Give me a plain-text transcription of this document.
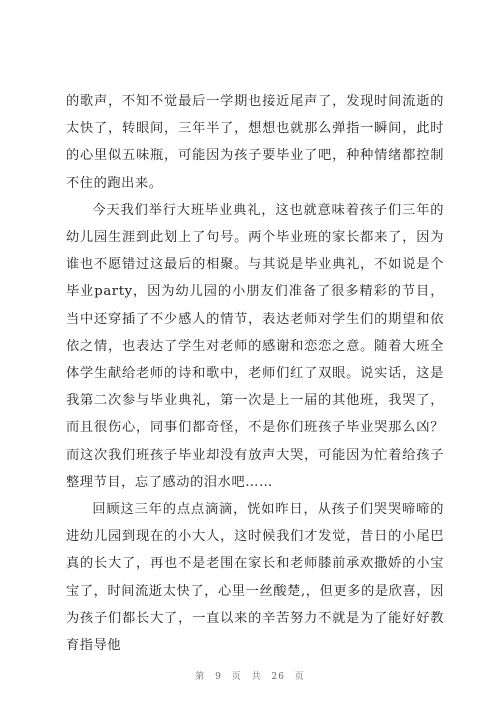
的歌声，不知不觉最后一学期也接近尾声了，发现时间流逝的太快了，转眼间，三年半了，想想也就那么弹指一瞬间，此时的心里似五味瓶，可能因为孩子要毕业了吧，种种情绪都控制不住的跑出来。

今天我们举行大班毕业典礼，这也就意味着孩子们三年的幼儿园生涯到此划上了句号。两个毕业班的家长都来了，因为谁也不愿错过这最后的相聚。与其说是毕业典礼，不如说是个毕业party，因为幼儿园的小朋友们准备了很多精彩的节目，当中还穿插了不少感人的情节，表达老师对学生们的期望和依依之情，也表达了学生对老师的感谢和恋恋之意。随着大班全体学生献给老师的诗和歌中，老师们红了双眼。说实话，这是我第二次参与毕业典礼，第一次是上一届的其他班，我哭了，而且很伤心，同事们都奇怪，不是你们班孩子毕业哭那么凶？而这次我们班孩子毕业却没有放声大哭，可能因为忙着给孩子整理节目，忘了感动的泪水吧……

回顾这三年的点点滴滴，恍如昨日，从孩子们哭哭啼啼的进幼儿园到现在的小大人，这时候我们才发觉，昔日的小尾巴真的长大了，再也不是老围在家长和老师膝前承欢撒娇的小宝宝了，时间流逝太快了，心里一丝酸楚,，但更多的是欣喜，因为孩子们都长大了，一直以来的辛苦努力不就是为了能好好教育指导他

第 9 页 共 26 页
